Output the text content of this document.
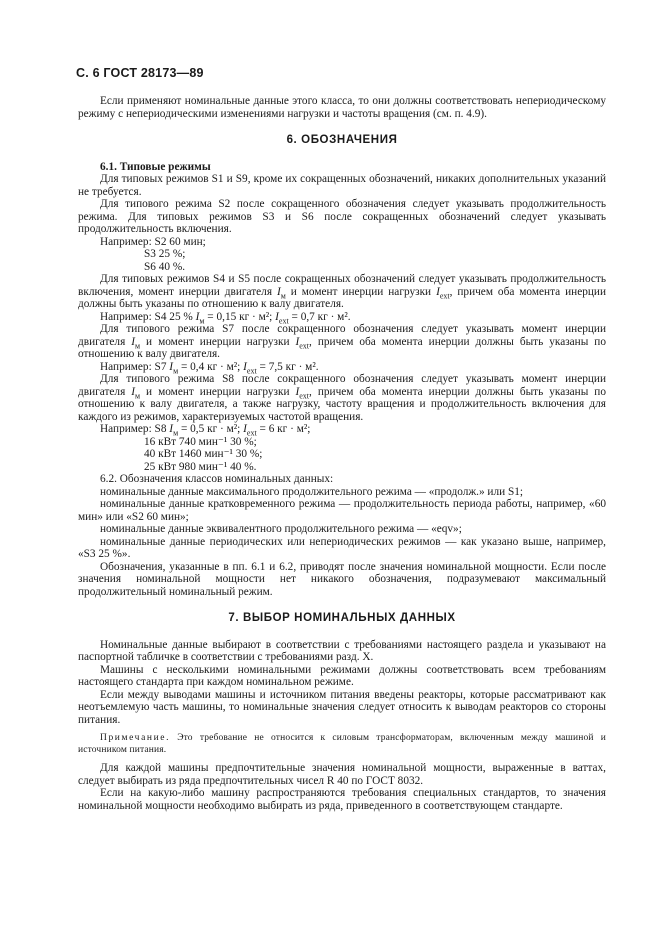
С. 6 ГОСТ 28173—89

Если применяют номинальные данные этого класса, то они должны соответствовать непериодическому режиму с непериодическими изменениями нагрузки и частоты вращения (см. п. 4.9).

6. ОБОЗНАЧЕНИЯ

6.1. Типовые режимы

Для типовых режимов S1 и S9, кроме их сокращенных обозначений, никаких дополнительных указаний не требуется.

Для типового режима S2 после сокращенного обозначения следует указывать продолжительность режима. Для типовых режимов S3 и S6 после сокращенных обозначений следует указывать продолжительность включения.

Например: S2 60 мин;
S3 25 %;
S6 40 %.

Для типовых режимов S4 и S5 после сокращенных обозначений следует указывать продолжительность включения, момент инерции двигателя $I_м$ и момент инерции нагрузки $I_{ext}$, причем оба момента инерции должны быть указаны по отношению к валу двигателя.

Например: S4 25 % $I_м = 0,15$ кг · м²; $I_{ext} = 0,7$ кг · м².

Для типового режима S7 после сокращенного обозначения следует указывать момент инерции двигателя $I_м$ и момент инерции нагрузки $I_{ext}$, причем оба момента инерции должны быть указаны по отношению к валу двигателя.

Например: S7 $I_м = 0,4$ кг · м²; $I_{ext} = 7,5$ кг · м².

Для типового режима S8 после сокращенного обозначения следует указывать момент инерции двигателя $I_м$ и момент инерции нагрузки $I_{ext}$, причем оба момента инерции должны быть указаны по отношению к валу двигателя, а также нагрузку, частоту вращения и продолжительность включения для каждого из режимов, характеризуемых частотой вращения.

Например: S8 $I_м = 0,5$ кг · м²; $I_{ext} = 6$ кг · м²;
16 кВт 740 мин⁻¹ 30 %;
40 кВт 1460 мин⁻¹ 30 %;
25 кВт 980 мин⁻¹ 40 %.

6.2. Обозначения классов номинальных данных:

номинальные данные максимального продолжительного режима — «продолж.» или S1;

номинальные данные кратковременного режима — продолжительность периода работы, например, «60 мин» или «S2 60 мин»;

номинальные данные эквивалентного продолжительного режима — «eqv»;

номинальные данные периодических или непериодических режимов — как указано выше, например, «S3 25 %».

Обозначения, указанные в пп. 6.1 и 6.2, приводят после значения номинальной мощности. Если после значения номинальной мощности нет никакого обозначения, подразумевают максимальный продолжительный номинальный режим.

7. ВЫБОР НОМИНАЛЬНЫХ ДАННЫХ

Номинальные данные выбирают в соответствии с требованиями настоящего раздела и указывают на паспортной табличке в соответствии с требованиями разд. X.

Машины с несколькими номинальными режимами должны соответствовать всем требованиям настоящего стандарта при каждом номинальном режиме.

Если между выводами машины и источником питания введены реакторы, которые рассматривают как неотъемлемую часть машины, то номинальные значения следует относить к выводам реакторов со стороны питания.

Примечание. Это требование не относится к силовым трансформаторам, включенным между машиной и источником питания.

Для каждой машины предпочтительные значения номинальной мощности, выраженные в ваттах, следует выбирать из ряда предпочтительных чисел R 40 по ГОСТ 8032.

Если на какую-либо машину распространяются требования специальных стандартов, то значения номинальной мощности необходимо выбирать из ряда, приведенного в соответствующем стандарте.
